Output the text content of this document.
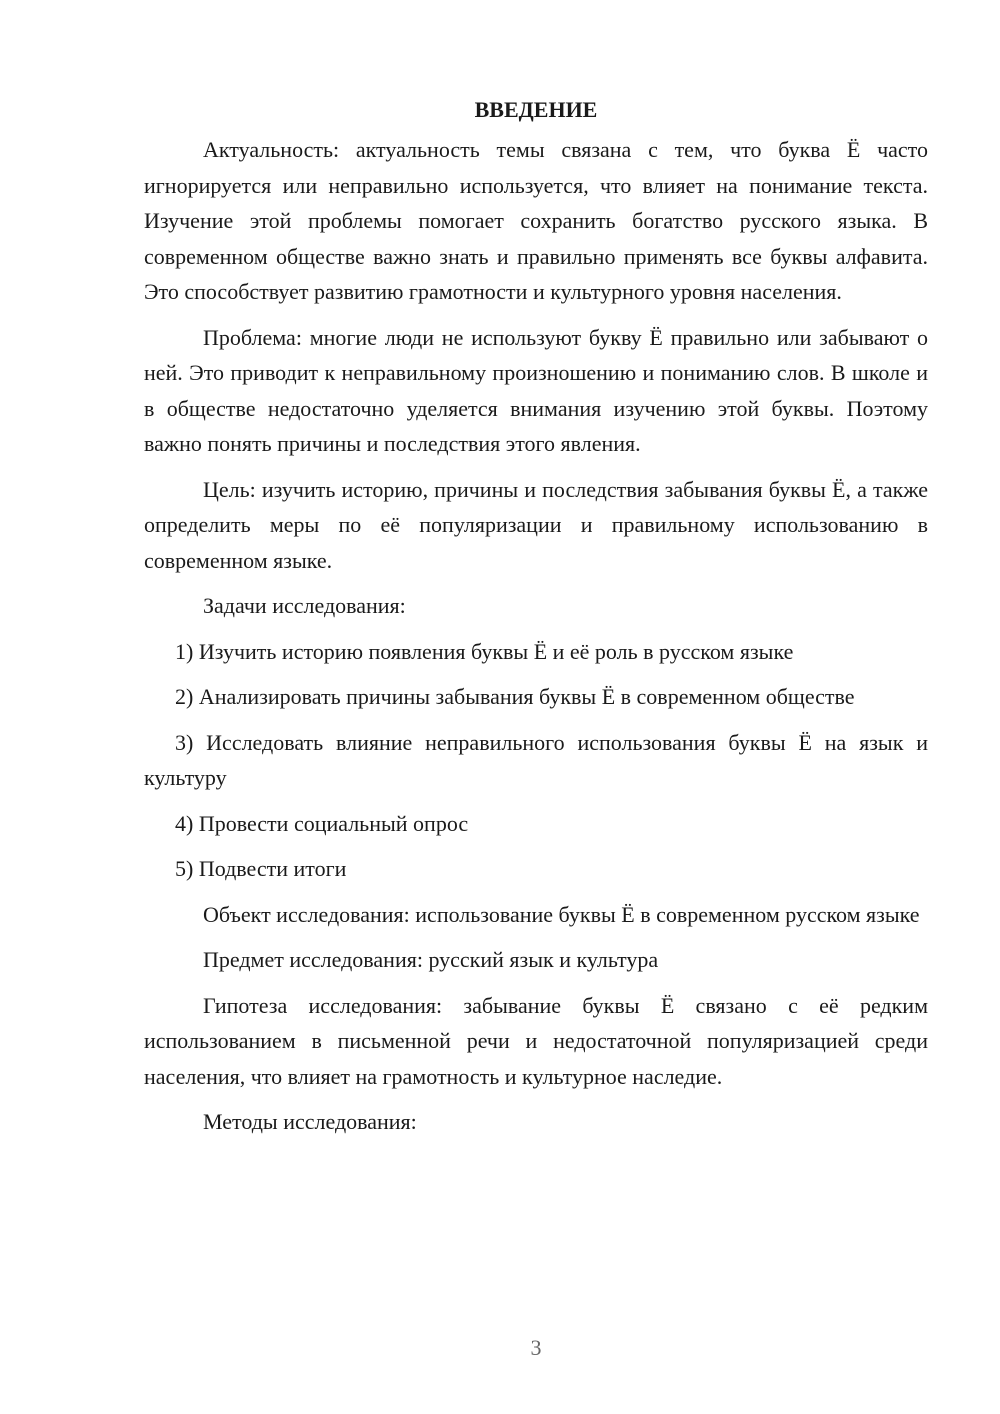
ВВЕДЕНИЕ

Актуальность: актуальность темы связана с тем, что буква Ё часто игнорируется или неправильно используется, что влияет на понимание текста. Изучение этой проблемы помогает сохранить богатство русского языка. В современном обществе важно знать и правильно применять все буквы алфавита. Это способствует развитию грамотности и культурного уровня населения.

Проблема: многие люди не используют букву Ё правильно или забывают о ней. Это приводит к неправильному произношению и пониманию слов. В школе и в обществе недостаточно уделяется внимания изучению этой буквы. Поэтому важно понять причины и последствия этого явления.

Цель: изучить историю, причины и последствия забывания буквы Ё, а также определить меры по её популяризации и правильному использованию в современном языке.

Задачи исследования:

1) Изучить историю появления буквы Ё и её роль в русском языке

2) Анализировать причины забывания буквы Ё в современном обществе

3) Исследовать влияние неправильного использования буквы Ё на язык и культуру

4) Провести социальный опрос

5) Подвести итоги

Объект исследования: использование буквы Ё в современном русском языке

Предмет исследования: русский язык и культура

Гипотеза исследования: забывание буквы Ё связано с её редким использованием в письменной речи и недостаточной популяризацией среди населения, что влияет на грамотность и культурное наследие.

Методы исследования:

3
